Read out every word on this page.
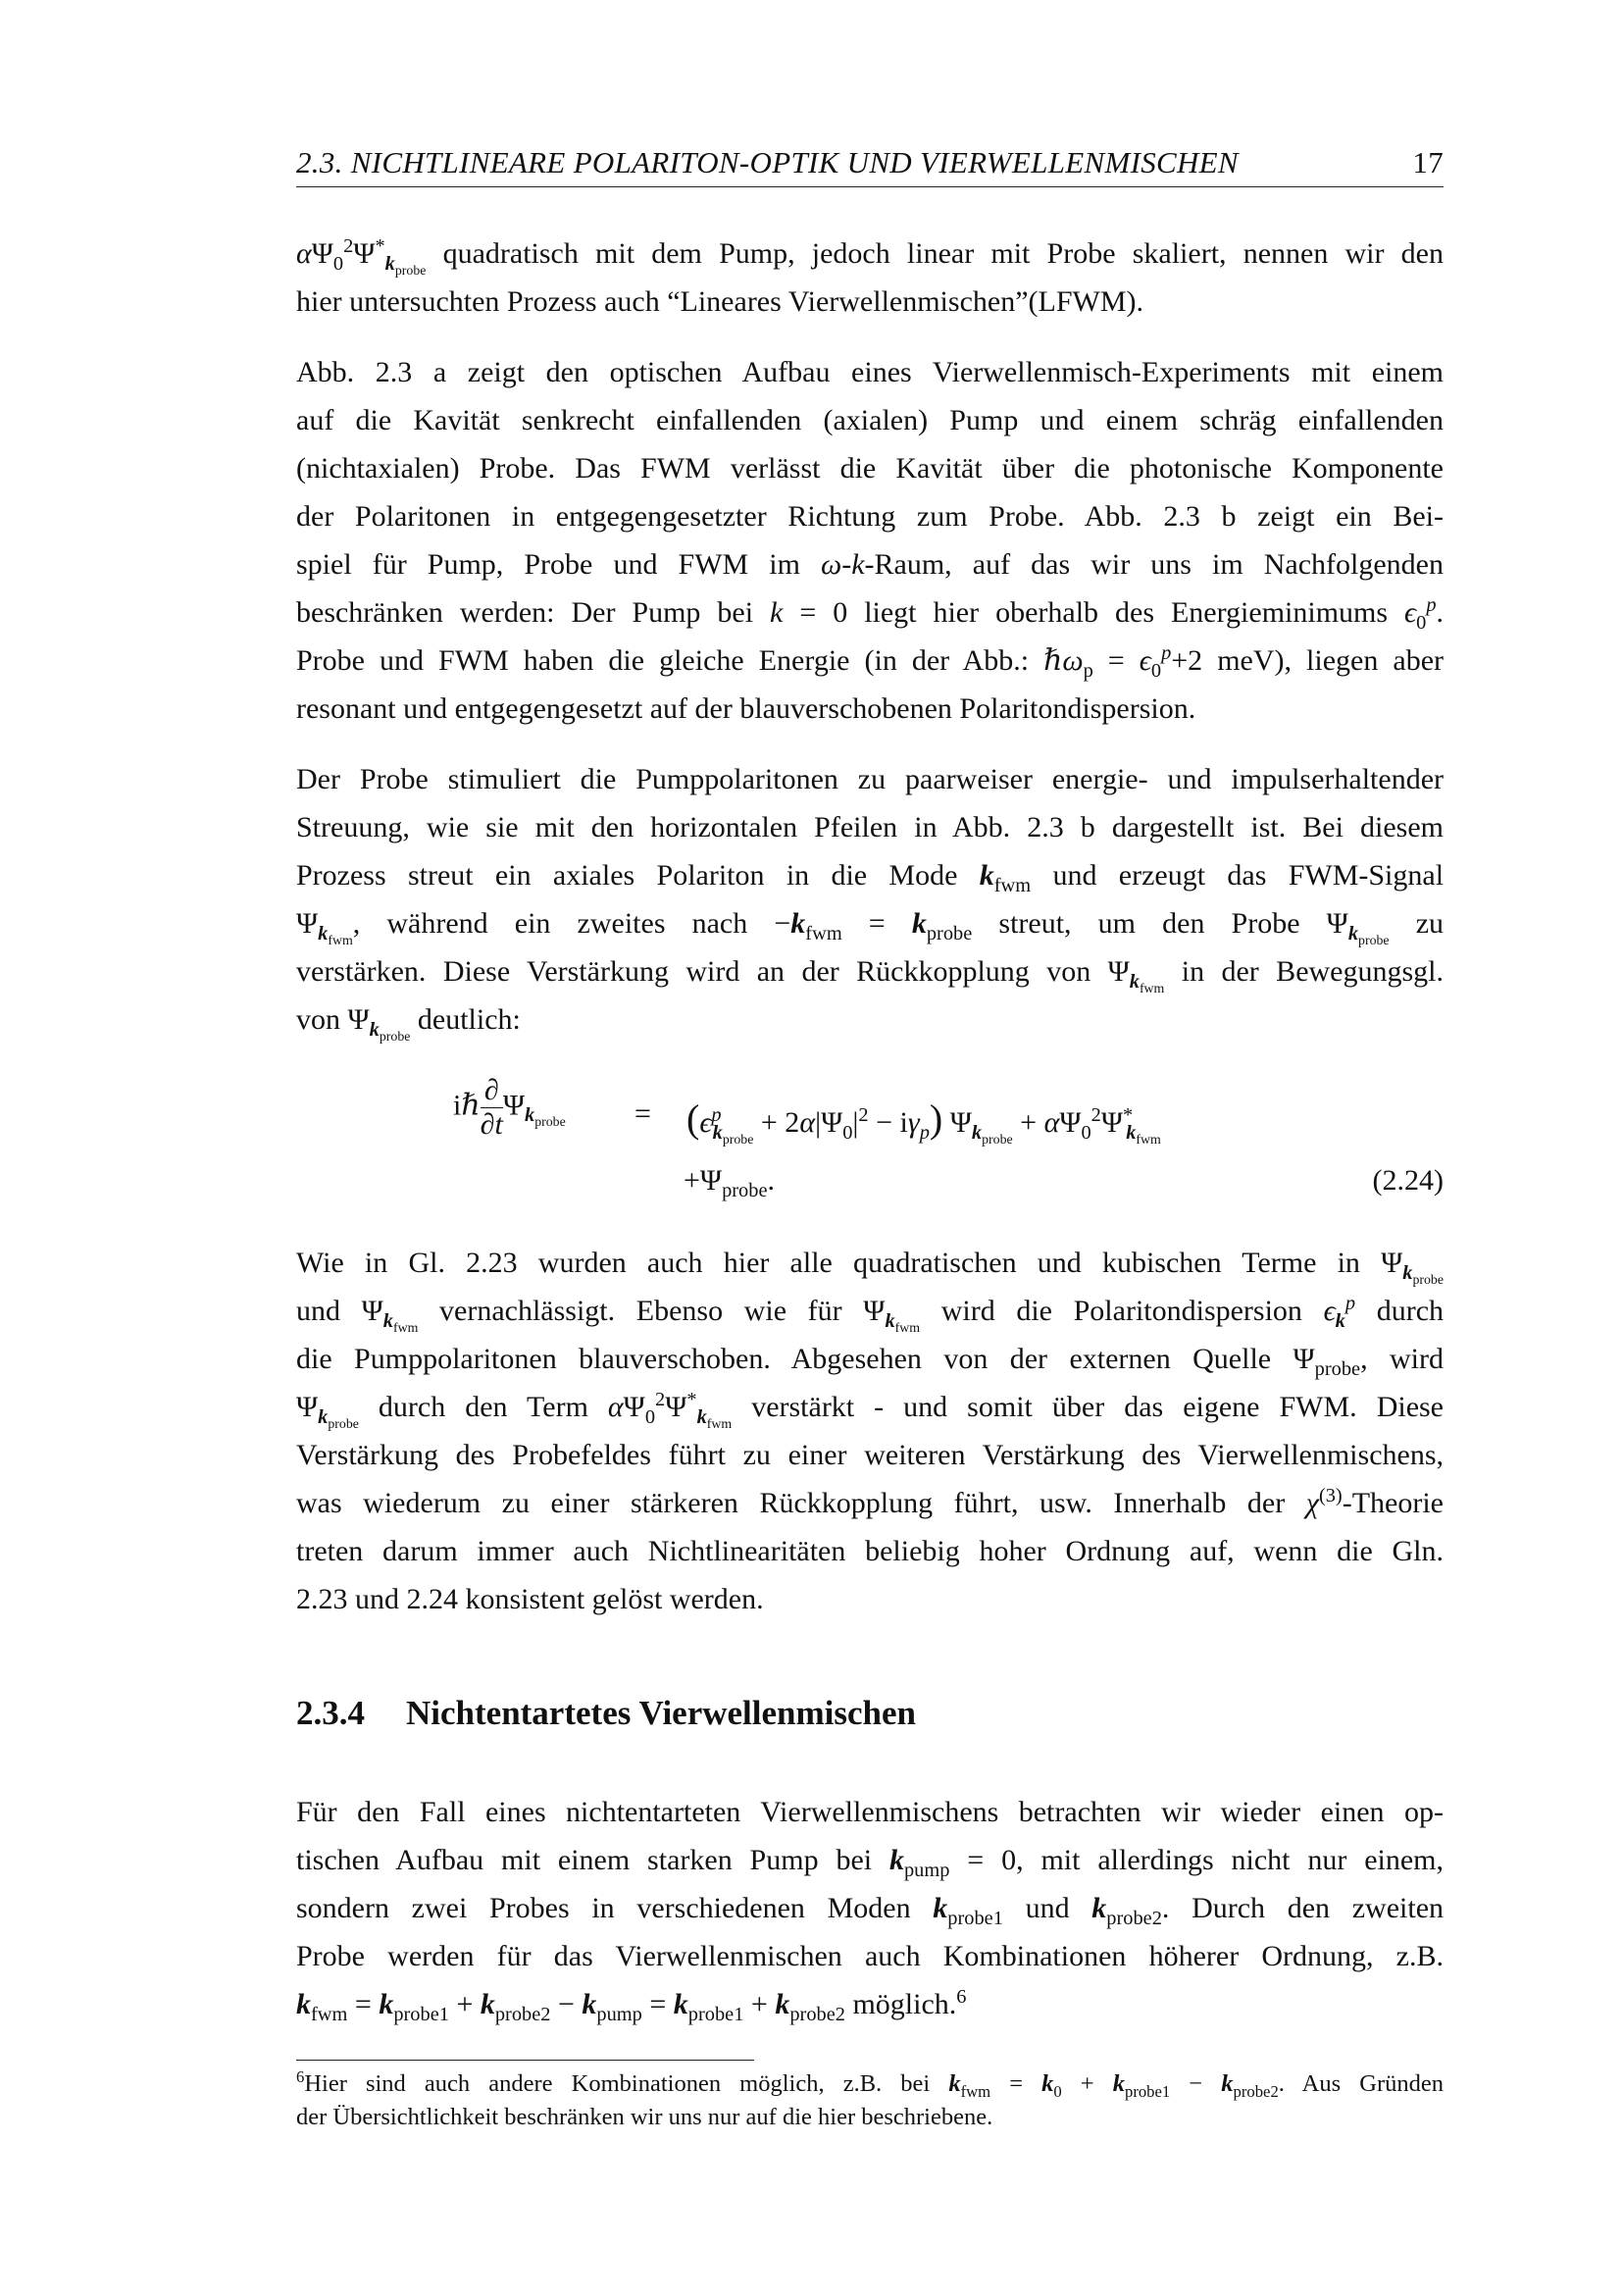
2.3. NICHTLINEARE POLARITON-OPTIK UND VIERWELLENMISCHEN	17
$\alpha\Psi_0^2\Psi^*_{k_{probe}}$ quadratisch mit dem Pump, jedoch linear mit Probe skaliert, nennen wir den
hier untersuchten Prozess auch “Lineares Vierwellenmischen”(LFWM).
Abb. 2.3 a zeigt den optischen Aufbau eines Vierwellenmisch-Experiments mit einem
auf die Kavität senkrecht einfallenden (axialen) Pump und einem schräg einfallenden
(nichtaxialen) Probe. Das FWM verlässt die Kavität über die photonische Komponente
der Polaritonen in entgegengesetzter Richtung zum Probe. Abb. 2.3 b zeigt ein Bei-
spiel für Pump, Probe und FWM im ω-k-Raum, auf das wir uns im Nachfolgenden
beschränken werden: Der Pump bei k = 0 liegt hier oberhalb des Energieminimums $\epsilon_0^p$.
Probe und FWM haben die gleiche Energie (in der Abb.: ℏω$_p$ = $\epsilon_0^p+2$ meV), liegen aber
resonant und entgegengesetzt auf der blauverschobenen Polaritondispersion.
Der Probe stimuliert die Pumppolaritonen zu paarweiser energie- und impulserhaltender
Streuung, wie sie mit den horizontalen Pfeilen in Abb. 2.3 b dargestellt ist. Bei diesem
Prozess streut ein axiales Polariton in die Mode $k_{fwm}$ und erzeugt das FWM-Signal
$\Psi_{k_{fwm}}$, während ein zweites nach $-k_{fwm} = k_{probe}$ streut, um den Probe $\Psi_{k_{probe}}$ zu
verstärken. Diese Verstärkung wird an der Rückkopplung von $\Psi_{k_{fwm}}$ in der Bewegungsgl.
von $\Psi_{k_{probe}}$ deutlich:
iℏ $\frac{\partial}{\partial t} \Psi_{k_{probe}} = (\epsilon^p_{k_{probe}} + 2\alpha|\Psi_0|^2 - i\gamma_p) \Psi_{k_{probe}} + \alpha\Psi_0^2\Psi^*_{k_{fwm}}$
$+\Psi_{probe}$.	(2.24)
Wie in Gl. 2.23 wurden auch hier alle quadratischen und kubischen Terme in $\Psi_{k_{probe}}$
und $\Psi_{k_{fwm}}$ vernachlässigt. Ebenso wie für $\Psi_{k_{fwm}}$ wird die Polaritondispersion $\epsilon_k^p$ durch
die Pumppolaritonen blauverschoben. Abgesehen von der externen Quelle $\Psi_{probe}$, wird
$\Psi_{k_{probe}}$ durch den Term $\alpha\Psi_0^2\Psi^*_{k_{fwm}}$ verstärkt - und somit über das eigene FWM. Diese
Verstärkung des Probefeldes führt zu einer weiteren Verstärkung des Vierwellenmischens,
was wiederum zu einer stärkeren Rückkopplung führt, usw. Innerhalb der $\chi^{(3)}$-Theorie
treten darum immer auch Nichtlinearitäten beliebig hoher Ordnung auf, wenn die Gln.
2.23 und 2.24 konsistent gelöst werden.
2.3.4 Nichtentartetes Vierwellenmischen
Für den Fall eines nichtentarteten Vierwellenmischens betrachten wir wieder einen op-
tischen Aufbau mit einem starken Pump bei $k_{pump} = 0$, mit allerdings nicht nur einem,
sondern zwei Probes in verschiedenen Moden $k_{probe1}$ und $k_{probe2}$. Durch den zweiten
Probe werden für das Vierwellenmischen auch Kombinationen höherer Ordnung, z.B.
$k_{fwm} = k_{probe1} + k_{probe2} - k_{pump} = k_{probe1} + k_{probe2}$ möglich.$^6$
$^6$Hier sind auch andere Kombinationen möglich, z.B. bei $k_{fwm} = k_0 + k_{probe1} - k_{probe2}$. Aus Gründen
der Übersichtlichkeit beschränken wir uns nur auf die hier beschriebene.
